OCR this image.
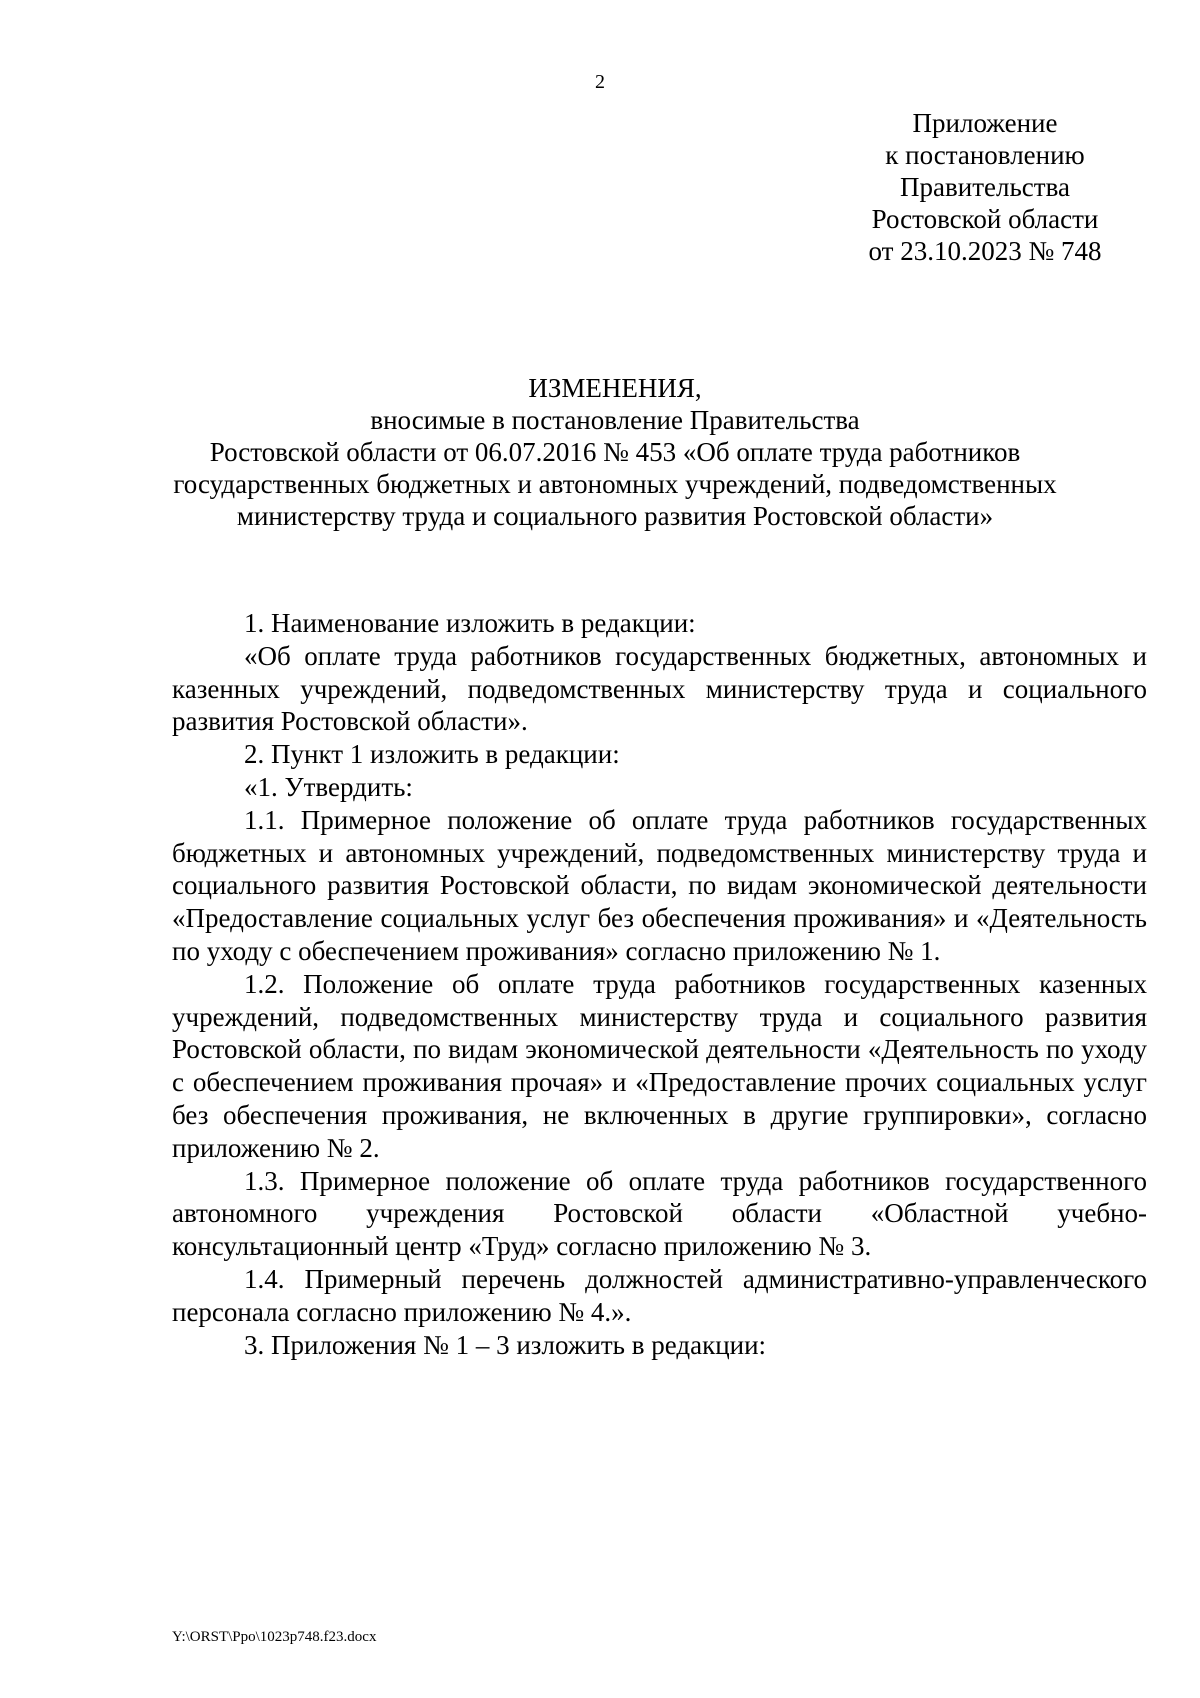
2
Приложение
к постановлению
Правительства
Ростовской области
от 23.10.2023 № 748
ИЗМЕНЕНИЯ,
вносимые в постановление Правительства
Ростовской области от 06.07.2016 № 453 «Об оплате труда работников
государственных бюджетных и автономных учреждений, подведомственных
министерству труда и социального развития Ростовской области»

1. Наименование изложить в редакции:

«Об оплате труда работников государственных бюджетных, автономных и казенных учреждений, подведомственных министерству труда и социального развития Ростовской области».

2. Пункт 1 изложить в редакции:

«1. Утвердить:

1.1. Примерное положение об оплате труда работников государственных бюджетных и автономных учреждений, подведомственных министерству труда и социального развития Ростовской области, по видам экономической деятельности «Предоставление социальных услуг без обеспечения проживания» и «Деятельность по уходу с обеспечением проживания» согласно приложению № 1.

1.2. Положение об оплате труда работников государственных казенных учреждений, подведомственных министерству труда и социального развития Ростовской области, по видам экономической деятельности «Деятельность по уходу с обеспечением проживания прочая» и «Предоставление прочих социальных услуг без обеспечения проживания, не включенных в другие группировки», согласно приложению № 2.

1.3. Примерное положение об оплате труда работников государственного автономного учреждения Ростовской области «Областной учебно-консультационный центр «Труд» согласно приложению № 3.

1.4. Примерный перечень должностей административно-управленческого персонала согласно приложению № 4.».

3. Приложения № 1 – 3 изложить в редакции:

Y:\ORST\Ppo\1023p748.f23.docx
